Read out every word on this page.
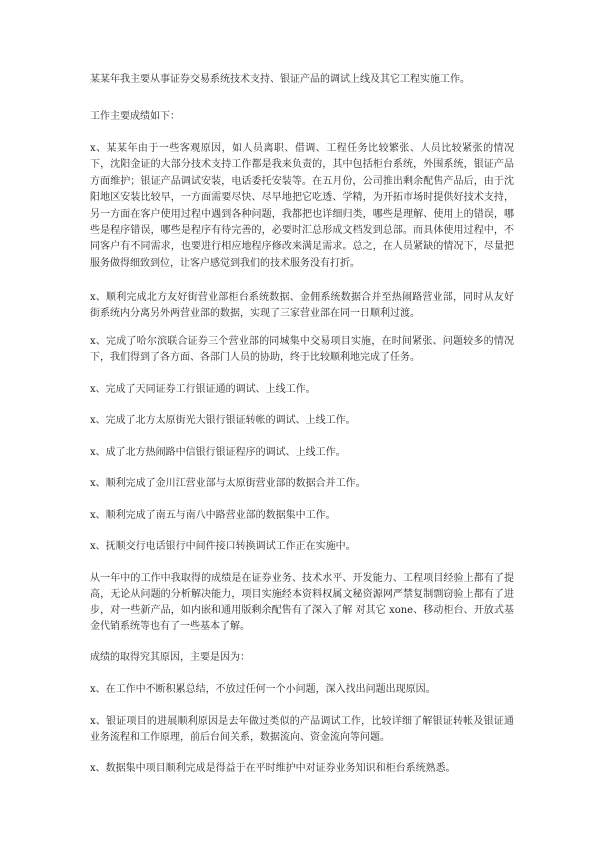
某某年我主要从事证券交易系统技术支持、银证产品的调试上线及其它工程实施工作。

工作主要成绩如下：

x、某某年由于一些客观原因，如人员离职、借调、工程任务比较繁张、人员比较紧张的情况下，沈阳金证的大部分技术支持工作都是我来负责的，其中包括柜台系统，外围系统，银证产品方面维护；银证产品调试安装，电话委托安装等。在五月份，公司推出剩余配售产品后，由于沈阳地区安装比较早，一方面需要尽快、尽早地把它吃透、学精，为开拓市场时提供好技术支持，另一方面在客户使用过程中遇到各种问题，我都把也详细归类，哪些是理解、使用上的错误，哪些是程序错误，哪些是程序有待完善的，必要时汇总形成文档发到总部。而具体使用过程中，不同客户有不同需求，也要进行相应地程序修改来满足需求。总之，在人员紧缺的情况下，尽量把服务做得细致到位，让客户感觉到我们的技术服务没有打折。

x、顺利完成北方友好街营业部柜台系统数据、金佣系统数据合并至热闹路营业部，同时从友好街系统内分离另外两营业部的数据，实现了三家营业部在同一日顺利过渡。

x、完成了哈尔滨联合证券三个营业部的同城集中交易项目实施，在时间紧张、问题较多的情况下，我们得到了各方面、各部门人员的协助，终于比较顺利地完成了任务。

x、完成了天同证券工行银证通的调试、上线工作。

x、完成了北方太原街光大银行银证转帐的调试、上线工作。

x、成了北方热闹路中信银行银证程序的调试、上线工作。

x、顺利完成了金川江营业部与太原街营业部的数据合并工作。

x、顺利完成了南五与南八中路营业部的数据集中工作。

x、抚顺交行电话银行中间件接口转换调试工作正在实施中。

从一年中的工作中我取得的成绩是在证券业务、技术水平、开发能力、工程项目经验上都有了提高，无论从问题的分析解决能力，项目实施经本资料权属文秘资源网严禁复制剽窃验上都有了进步，对一些新产品，如内嵌和通用版剩余配售有了深入了解 对其它 xone、移动柜台、开放式基金代销系统等也有了一些基本了解。

成绩的取得究其原因，主要是因为：

x、在工作中不断积累总结，不放过任何一个小问题，深入找出问题出现原因。

x、银证项目的进展顺利原因是去年做过类似的产品调试工作，比较详细了解银证转帐及银证通业务流程和工作原理，前后台间关系，数据流向、资金流向等问题。

x、数据集中项目顺利完成是得益于在平时维护中对证券业务知识和柜台系统熟悉。
